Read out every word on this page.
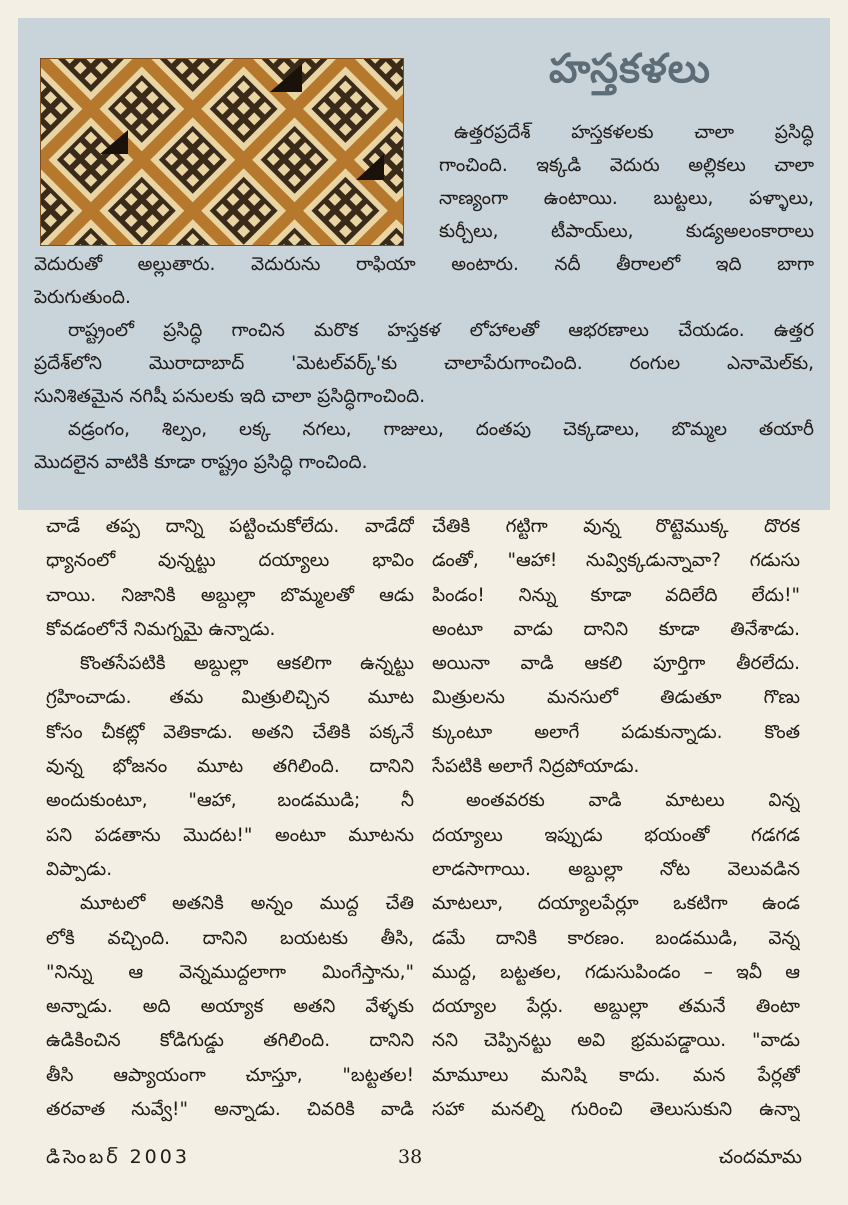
హస్తకళలు
ఉత్తరప్రదేశ్ హస్తకళలకు చాలా ప్రసిద్ధి
గాంచింది. ఇక్కడి వెదురు అల్లికలు చాలా
నాణ్యంగా ఉంటాయి. బుట్టలు, పళ్ళాలు,
కుర్చీలు, టీపాయ్‌లు, కుడ్యఅలంకారాలు
వెదురుతో అల్లుతారు. వెదురును రాఫియా అంటారు. నదీ తీరాలలో ఇది బాగా
పెరుగుతుంది.
రాష్ట్రంలో ప్రసిద్ధి గాంచిన మరొక హస్తకళ లోహాలతో ఆభరణాలు చేయడం. ఉత్తర
ప్రదేశ్‌లోని మొరాదాబాద్ 'మెటల్‌వర్క్'కు చాలాపేరుగాంచింది. రంగుల ఎనామెల్‌కు,
సునిశితమైన నగిషీ పనులకు ఇది చాలా ప్రసిద్ధిగాంచింది.
వడ్రంగం, శిల్పం, లక్క నగలు, గాజులు, దంతపు చెక్కడాలు, బొమ్మల తయారీ
మొదలైన వాటికి కూడా రాష్ట్రం ప్రసిద్ధి గాంచింది.
చాడే తప్ప దాన్ని పట్టించుకోలేదు. వాడేదో
ధ్యానంలో వున్నట్టు దయ్యాలు భావిం
చాయి. నిజానికి అబ్దుల్లా బొమ్మలతో ఆడు
కోవడంలోనే నిమగ్నమై ఉన్నాడు.
కొంతసేపటికి అబ్దుల్లా ఆకలిగా ఉన్నట్టు
గ్రహించాడు. తమ మిత్రులిచ్చిన మూట
కోసం చీకట్లో వెతికాడు. అతని చేతికి పక్కనే
వున్న భోజనం మూట తగిలింది. దానిని
అందుకుంటూ, "ఆహా, బండముడి; నీ
పని పడతాను మొదట!" అంటూ మూటను
విప్పాడు.
మూటలో అతనికి అన్నం ముద్ద చేతి
లోకి వచ్చింది. దానిని బయటకు తీసి,
"నిన్ను ఆ వెన్నముద్దలాగా మింగేస్తాను,"
అన్నాడు. అది అయ్యాక అతని వేళ్ళకు
ఉడికించిన కోడిగుడ్డు తగిలింది. దానిని
తీసి ఆప్యాయంగా చూస్తూ, "బట్టతల!
తరవాత నువ్వే!" అన్నాడు. చివరికి వాడి
చేతికి గట్టిగా వున్న రొట్టెముక్క దొరక
డంతో, "ఆహా! నువ్విక్కడున్నావా? గడుసు
పిండం! నిన్ను కూడా వదిలేది లేదు!"
అంటూ వాడు దానిని కూడా తినేశాడు.
అయినా వాడి ఆకలి పూర్తిగా తీరలేదు.
మిత్రులను మనసులో తిడుతూ గొణు
క్కుంటూ అలాగే పడుకున్నాడు. కొంత
సేపటికి అలాగే నిద్రపోయాడు.
అంతవరకు వాడి మాటలు విన్న
దయ్యాలు ఇప్పుడు భయంతో గడగడ
లాడసాగాయి. అబ్దుల్లా నోట వెలువడిన
మాటలూ, దయ్యాలపేర్లూ ఒకటిగా ఉండ
డమే దానికి కారణం. బండముడి, వెన్న
ముద్ద, బట్టతల, గడుసుపిండం – ఇవీ ఆ
దయ్యాల పేర్లు. అబ్దుల్లా తమనే తింటా
నని చెప్పినట్టు అవి భ్రమపడ్డాయి. "వాడు
మామూలు మనిషి కాదు. మన పేర్లతో
సహా మనల్ని గురించి తెలుసుకుని ఉన్నా
డిసెంబర్ 2003	38	చందమామ
